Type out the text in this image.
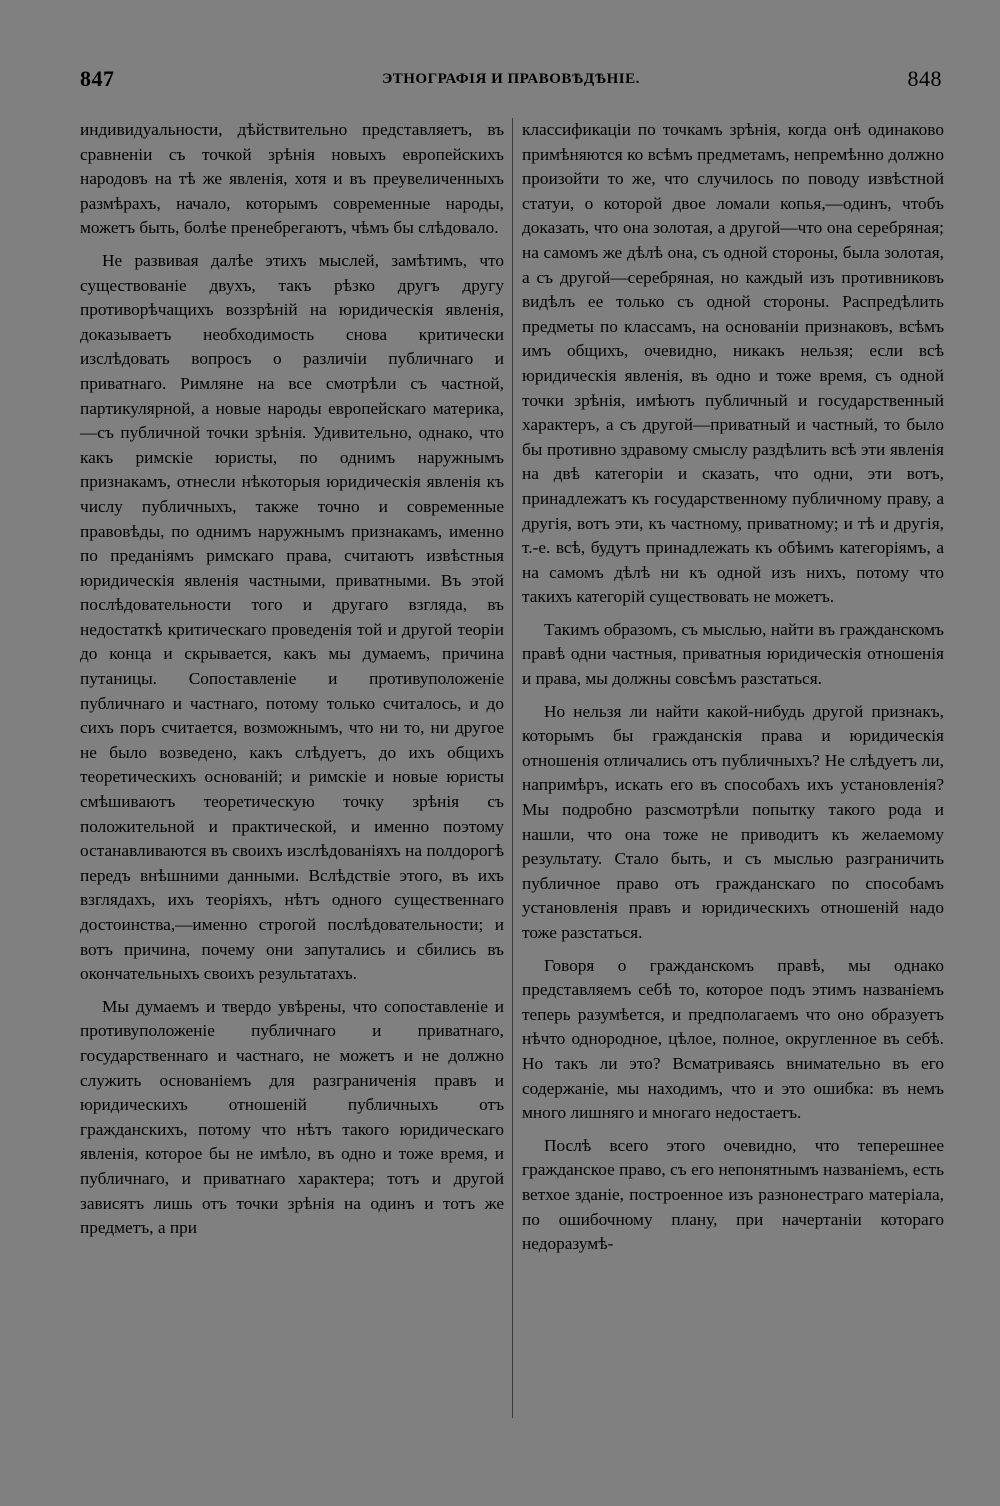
847	ЭТНОГРАФІЯ И ПРАВОВѢДѢНІЕ.	848

индивидуальности, дѣйствительно представляетъ, въ сравненіи съ точкой зрѣнія новыхъ европейскихъ народовъ на тѣ же явленія, хотя и въ преувеличенныхъ размѣрахъ, начало, которымъ современные народы, можетъ быть, болѣе пренебрегаютъ, чѣмъ бы слѣдовало.

Не развивая далѣе этихъ мыслей, замѣтимъ, что существованіе двухъ, такъ рѣзко другъ другу противорѣчащихъ воззрѣній на юридическія явленія, доказываетъ необходимость снова критически изслѣдовать вопросъ о различіи публичнаго и приватнаго. Римляне на все смотрѣли съ частной, партикулярной, а новые народы европейскаго материка,—съ публичной точки зрѣнія. Удивительно, однако, что какъ римскіе юристы, по однимъ наружнымъ признакамъ, отнесли нѣкоторыя юридическія явленія къ числу публичныхъ, также точно и современные правовѣды, по однимъ наружнымъ признакамъ, именно по преданіямъ римскаго права, считаютъ извѣстныя юридическія явленія частными, приватными. Въ этой послѣдовательности того и другаго взгляда, въ недостаткѣ критическаго проведенія той и другой теоріи до конца и скрывается, какъ мы думаемъ, причина путаницы. Сопоставленіе и противуположеніе публичнаго и частнаго, потому только считалось, и до сихъ поръ считается, возможнымъ, что ни то, ни другое не было возведено, какъ слѣдуетъ, до ихъ общихъ теоретическихъ основаній; и римскіе и новые юристы смѣшиваютъ теоретическую точку зрѣнія съ положительной и практической, и именно поэтому останавливаются въ своихъ изслѣдованіяхъ на полдорогѣ передъ внѣшними данными. Вслѣдствіе этого, въ ихъ взглядахъ, ихъ теоріяхъ, нѣтъ одного существеннаго достоинства,—именно строгой послѣдовательности; и вотъ причина, почему они запутались и сбились въ окончательныхъ своихъ результатахъ.

Мы думаемъ и твердо увѣрены, что сопоставленіе и противуположеніе публичнаго и приватнаго, государственнаго и частнаго, не можетъ и не должно служить основаніемъ для разграниченія правъ и юридическихъ отношеній публичныхъ отъ гражданскихъ, потому что нѣтъ такого юридическаго явленія, которое бы не имѣло, въ одно и тоже время, и публичнаго, и приватнаго характера; тотъ и другой зависятъ лишь отъ точки зрѣнія на одинъ и тотъ же предметъ, а при

классификаціи по точкамъ зрѣнія, когда онѣ одинаково примѣняются ко всѣмъ предметамъ, непремѣнно должно произойти то же, что случилось по поводу извѣстной статуи, о которой двое ломали копья,—одинъ, чтобъ доказать, что она золотая, а другой—что она серебряная; на самомъ же дѣлѣ она, съ одной стороны, была золотая, а съ другой—серебряная, но каждый изъ противниковъ видѣлъ ее только съ одной стороны. Распредѣлить предметы по классамъ, на основаніи признаковъ, всѣмъ имъ общихъ, очевидно, никакъ нельзя; если всѣ юридическія явленія, въ одно и тоже время, съ одной точки зрѣнія, имѣютъ публичный и государственный характеръ, а съ другой—приватный и частный, то было бы противно здравому смыслу раздѣлить всѣ эти явленія на двѣ категоріи и сказать, что одни, эти вотъ, принадлежатъ къ государственному публичному праву, а другія, вотъ эти, къ частному, приватному; и тѣ и другія, т.-е. всѣ, будутъ принадлежать къ обѣимъ категоріямъ, а на самомъ дѣлѣ ни къ одной изъ нихъ, потому что такихъ категорій существовать не можетъ.

Такимъ образомъ, съ мыслью, найти въ гражданскомъ правѣ одни частныя, приватныя юридическія отношенія и права, мы должны совсѣмъ разстаться.

Но нельзя ли найти какой-нибудь другой признакъ, которымъ бы гражданскія права и юридическія отношенія отличались отъ публичныхъ? Не слѣдуетъ ли, напримѣръ, искать его въ способахъ ихъ установленія? Мы подробно разсмотрѣли попытку такого рода и нашли, что она тоже не приводитъ къ желаемому результату. Стало быть, и съ мыслью разграничить публичное право отъ гражданскаго по способамъ установленія правъ и юридическихъ отношеній надо тоже разстаться.

Говоря о гражданскомъ правѣ, мы однако представляемъ себѣ то, которое подъ этимъ названіемъ теперь разумѣется, и предполагаемъ что оно образуетъ нѣчто однородное, цѣлое, полное, округленное въ себѣ. Но такъ ли это? Всматриваясь внимательно въ его содержаніе, мы находимъ, что и это ошибка: въ немъ много лишняго и многаго недостаетъ.

Послѣ всего этого очевидно, что теперешнее гражданское право, съ его непонятнымъ названіемъ, есть ветхое зданіе, построенное изъ разнонестраго матеріала, по ошибочному плану, при начертаніи котораго недоразумѣ-
